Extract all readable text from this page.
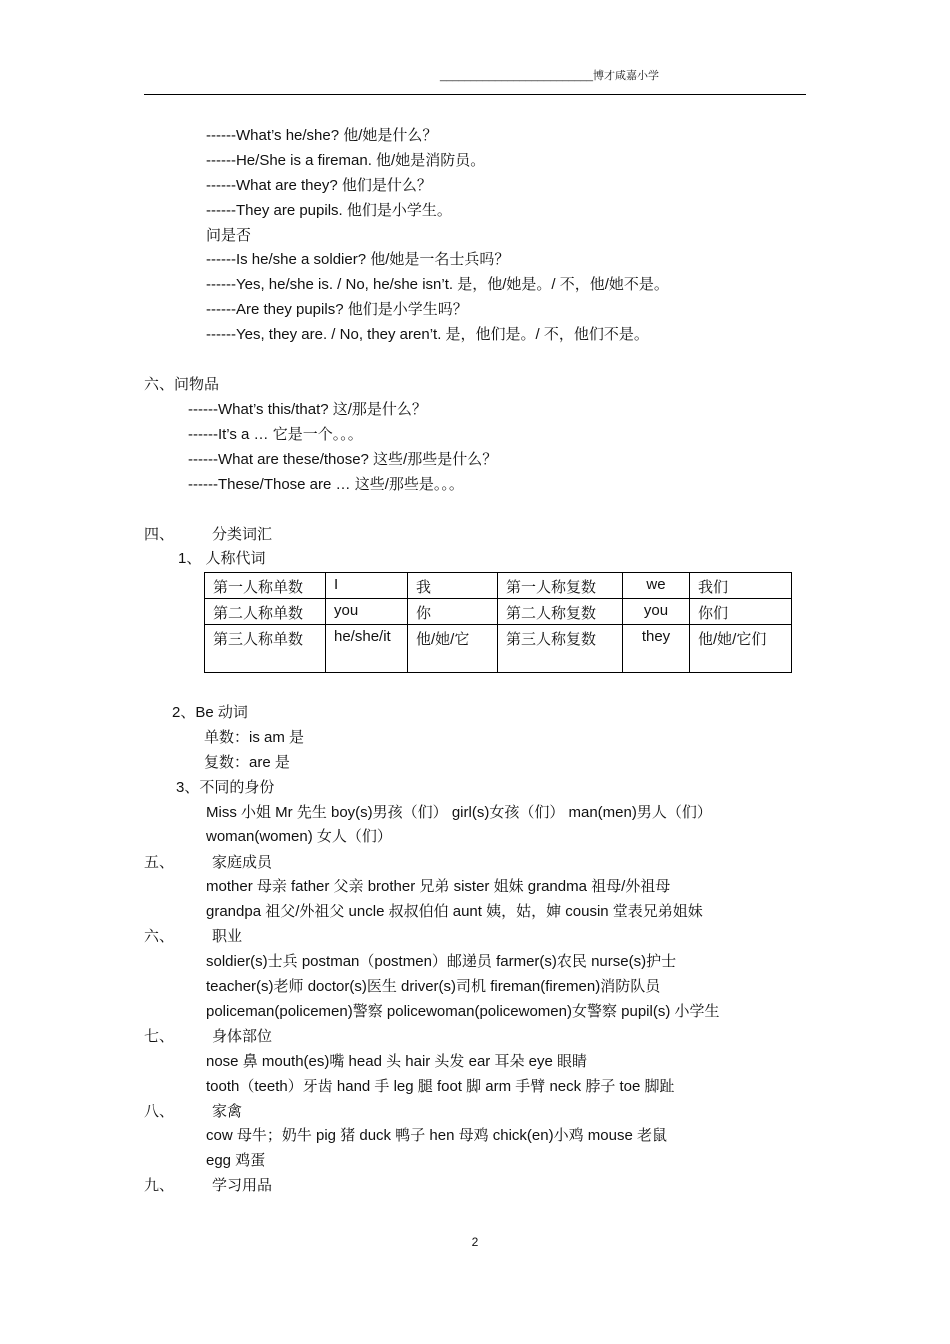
_________________________博才咸嘉小学
------What’s he/she? 他/她是什么？
------He/She is a fireman. 他/她是消防员。
------What are they? 他们是什么？
------They are pupils. 他们是小学生。
问是否
------Is he/she a soldier? 他/她是一名士兵吗？
------Yes, he/she is. / No, he/she isn’t. 是，他/她是。/ 不，他/她不是。
------Are they pupils? 他们是小学生吗？
------Yes, they are. / No, they aren’t. 是，他们是。/ 不，他们不是。
六、问物品
------What’s this/that? 这/那是什么？
------It’s a … 它是一个。。。
------What are these/those? 这些/那些是什么？
------These/Those are … 这些/那些是。。。
四、	分类词汇
1、 人称代词
第一人称单数	I	我	第一人称复数	we	我们
第二人称单数	you	你	第二人称复数	you	你们
第三人称单数	he/she/it	他/她/它	第三人称复数	they	他/她/它们
2、Be 动词
单数：is am 是
复数：are 是
3、不同的身份
Miss 小姐 Mr 先生 boy(s)男孩（们） girl(s)女孩（们） man(men)男人（们）
woman(women) 女人（们）
五、	家庭成员
mother 母亲 father 父亲 brother 兄弟 sister 姐妹 grandma 祖母/外祖母
grandpa 祖父/外祖父 uncle 叔叔伯伯 aunt 姨，姑，婶 cousin 堂表兄弟姐妹
六、	职业
soldier(s)士兵 postman（postmen）邮递员 farmer(s)农民 nurse(s)护士
teacher(s)老师 doctor(s)医生 driver(s)司机 fireman(firemen)消防队员
policeman(policemen)警察 policewoman(policewomen)女警察 pupil(s) 小学生
七、	身体部位
nose 鼻 mouth(es)嘴 head 头 hair 头发 ear 耳朵 eye 眼睛
tooth（teeth）牙齿 hand 手 leg 腿 foot 脚 arm 手臂 neck 脖子 toe 脚趾
八、	家禽
cow 母牛；奶牛 pig 猪 duck 鸭子 hen 母鸡 chick(en)小鸡 mouse 老鼠
egg 鸡蛋
九、	学习用品
2
